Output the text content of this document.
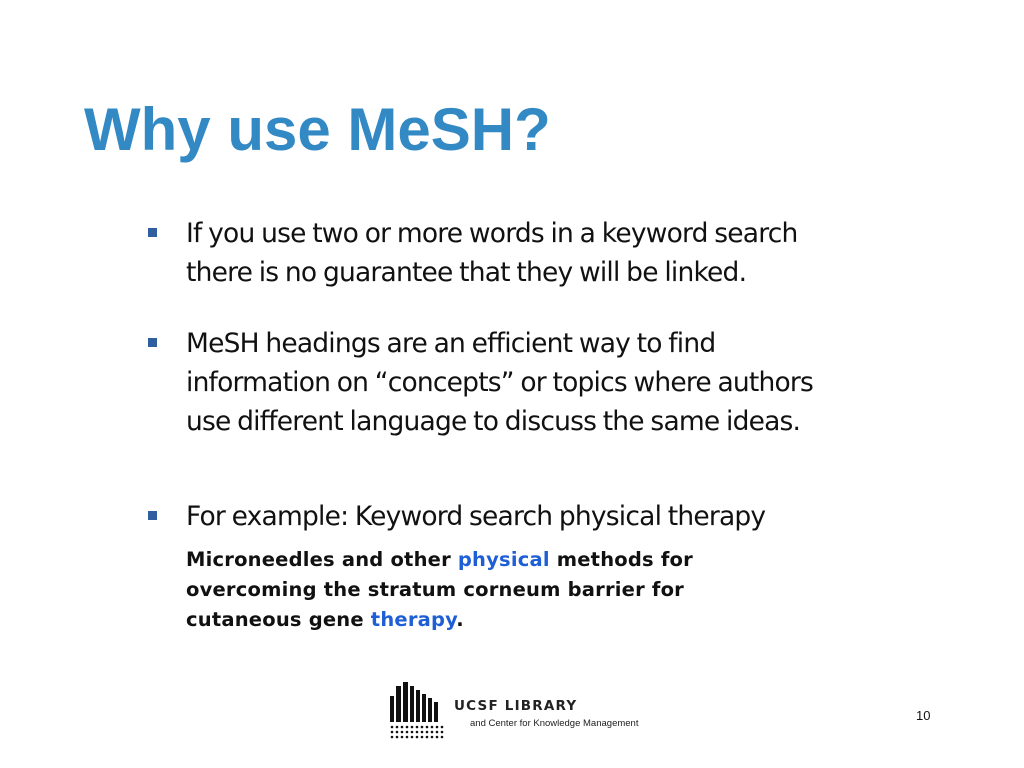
Why use MeSH?

If you use two or more words in a keyword search
there is no guarantee that they will be linked.

MeSH headings are an efficient way to find
information on “concepts” or topics where authors
use different language to discuss the same ideas.

For example: Keyword search physical therapy

Microneedles and other physical methods for
overcoming the stratum corneum barrier for
cutaneous gene therapy.

UCSF LIBRARY
and Center for Knowledge Management
10
